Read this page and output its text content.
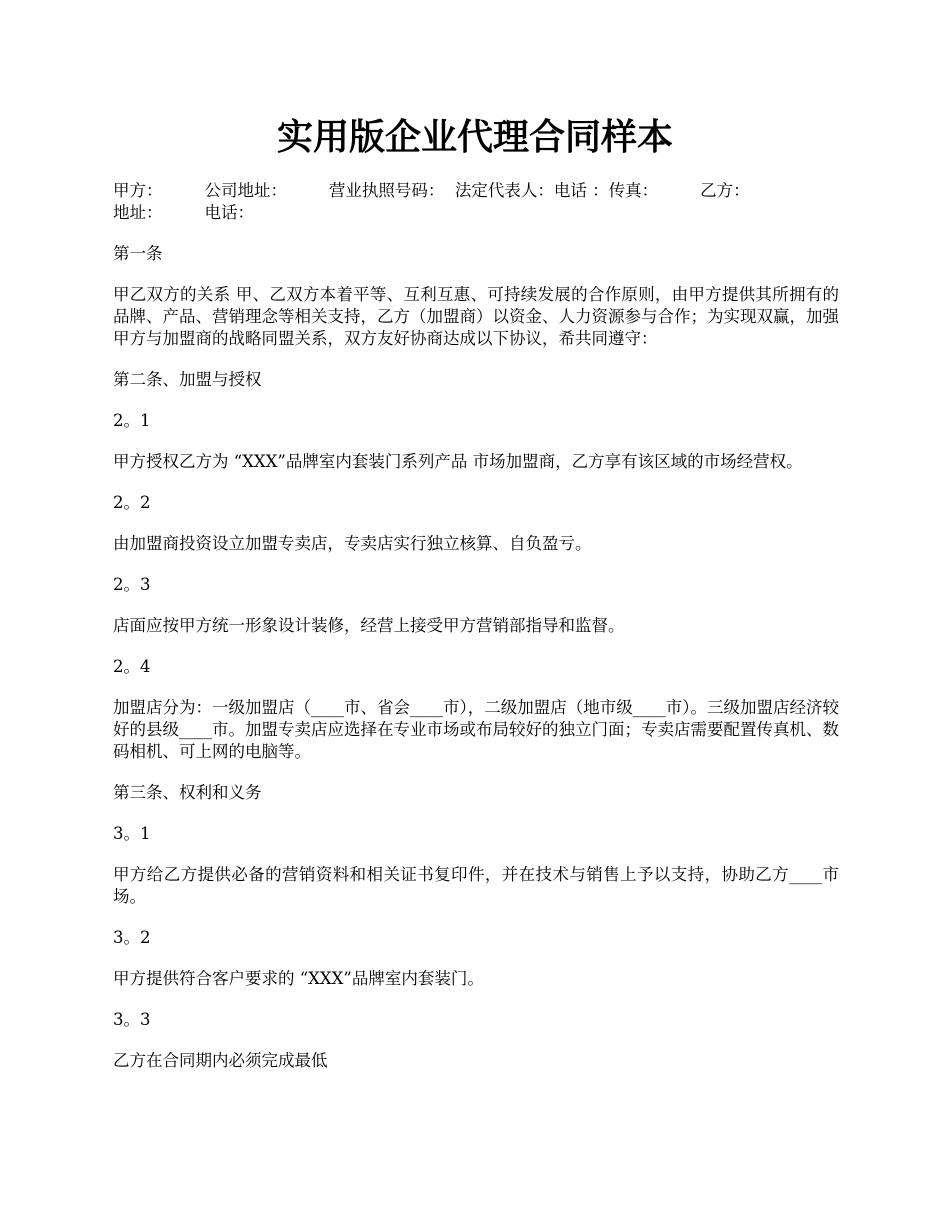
实用版企业代理合同样本
甲方：        公司地址：        营业执照号码：  法定代表人：电话 ：传真：        乙方：
地址：        电话：

第一条

甲乙双方的关系 甲、乙双方本着平等、互利互惠、可持续发展的合作原则，由甲方提供其所拥有的品牌、产品、营销理念等相关支持，乙方（加盟商）以资金、人力资源参与合作；为实现双赢，加强甲方与加盟商的战略同盟关系，双方友好协商达成以下协议，希共同遵守：

第二条、加盟与授权

2。1

甲方授权乙方为 “XXX”品牌室内套装门系列产品 市场加盟商，乙方享有该区域的市场经营权。

2。2

由加盟商投资设立加盟专卖店，专卖店实行独立核算、自负盈亏。

2。3

店面应按甲方统一形象设计装修，经营上接受甲方营销部指导和监督。

2。4

加盟店分为：一级加盟店（____市、省会____市），二级加盟店（地市级____市）。三级加盟店经济较好的县级____市。加盟专卖店应选择在专业市场或布局较好的独立门面；专卖店需要配置传真机、数码相机、可上网的电脑等。

第三条、权利和义务

3。1

甲方给乙方提供必备的营销资料和相关证书复印件，并在技术与销售上予以支持，协助乙方____市场。

3。2

甲方提供符合客户要求的 “XXX”品牌室内套装门。

3。3

乙方在合同期内必须完成最低
